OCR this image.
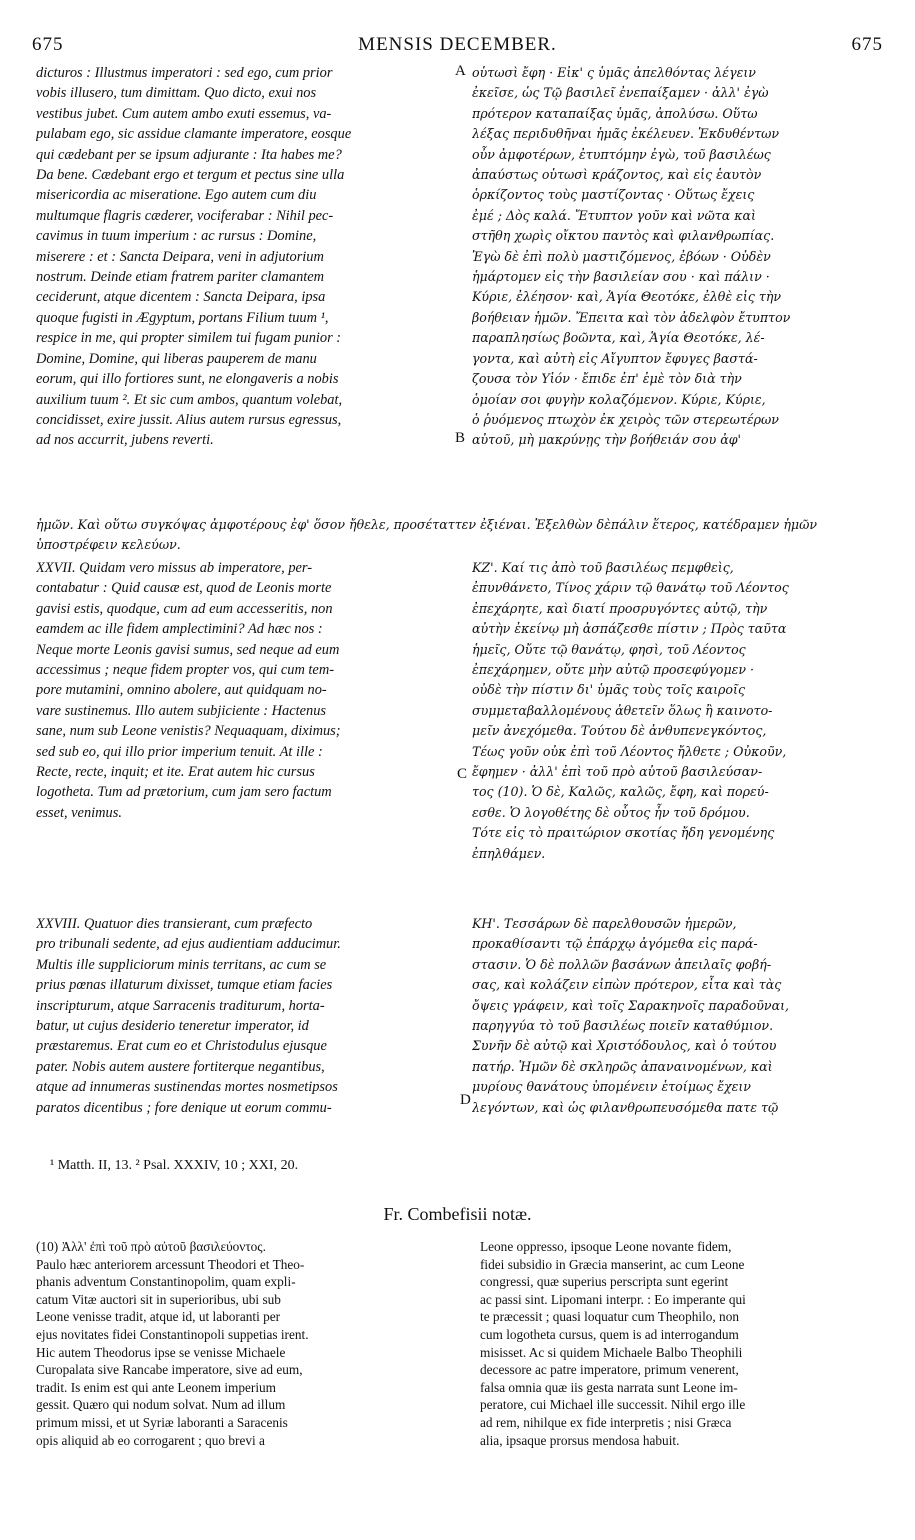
675	MENSIS DECEMBER.	675
A
B
C
D
dicturos : Illustmus imperatori : sed ego, cum prior
vobis illusero, tum dimittam. Quo dicto, exui nos
vestibus jubet. Cum autem ambo exuti essemus, va-
pulabam ego, sic assidue clamante imperatore, eosque
qui cædebant per se ipsum adjurante : Ita habes me?
Da bene. Cædebant ergo et tergum et pectus sine ulla
misericordia ac miseratione. Ego autem cum diu
multumque flagris cæderer, vociferabar : Nihil pec-
cavimus in tuum imperium : ac rursus : Domine,
miserere : et : Sancta Deipara, veni in adjutorium
nostrum. Deinde etiam fratrem pariter clamantem
ceciderunt, atque dicentem : Sancta Deipara, ipsa
quoque fugisti in Ægyptum, portans Filium tuum ¹,
respice in me, qui propter similem tui fugam punior :
Domine, Domine, qui liberas pauperem de manu
eorum, qui illo fortiores sunt, ne elongaveris a nobis
auxilium tuum ². Et sic cum ambos, quantum volebat,
concidisset, exire jussit. Alius autem rursus egressus,
ad nos accurrit, jubens reverti.
οὑτωσὶ ἔφη · Εἰκ' ς ὑμᾶς ἀπελθόντας λέγειν
ἐκεῖσε, ὡς Τῷ βασιλεῖ ἐνεπαίξαμεν · ἀλλ' ἐγὼ
πρότερον καταπαίξας ὑμᾶς, ἀπολύσω. Οὕτω
λέξας περιδυθῆναι ἡμᾶς ἐκέλευεν. Ἐκδυθέντων
οὖν ἀμφοτέρων, ἐτυπτόμην ἐγὼ, τοῦ βασιλέως
ἀπαύστως οὑτωσὶ κράζοντος, καὶ εἰς ἑαυτὸν
ὁρκίζοντος τοὺς μαστίζοντας · Οὕτως ἔχεις
ἐμέ ; Δὸς καλά. Ἔτυπτον γοῦν καὶ νῶτα καὶ
στῆθη χωρὶς οἴκτου παντὸς καὶ φιλανθρωπίας.
Ἐγὼ δὲ ἐπὶ πολὺ μαστιζόμενος, ἐβόων · Οὐδὲν
ἡμάρτομεν εἰς τὴν βασιλείαν σου · καὶ πάλιν ·
Κύριε, ἐλέησον· καὶ, Ἁγία Θεοτόκε, ἐλθὲ εἰς τὴν
βοήθειαν ἡμῶν. Ἔπειτα καὶ τὸν ἀδελφὸν ἔτυπτον
παραπλησίως βοῶντα, καὶ, Ἁγία Θεοτόκε, λέ-
γοντα, καὶ αὐτὴ εἰς Αἴγυπτον ἔφυγες βαστά-
ζουσα τὸν Υἱόν · ἔπιδε ἐπ' ἐμὲ τὸν διὰ τὴν
ὁμοίαν σοι φυγὴν κολαζόμενον. Κύριε, Κύριε,
ὁ ῥυόμενος πτωχὸν ἐκ χειρὸς τῶν στερεωτέρων
αὐτοῦ, μὴ μακρύνῃς τὴν βοήθειάν σου ἀφ'
ἡμῶν. Καὶ οὕτω συγκόψας ἀμφοτέρους ἐφ' ὅσον ἤθελε, προσέταττεν ἐξιέναι. Ἐξελθὼν δὲπάλιν ἕτερος, κατέδραμεν ἡμῶν ὑποστρέφειν κελεύων.
XXVII. Quidam vero missus ab imperatore, per-
contabatur : Quid causæ est, quod de Leonis morte
gavisi estis, quodque, cum ad eum accesseritis, non
eamdem ac ille fidem amplectimini? Ad hæc nos :
Neque morte Leonis gavisi sumus, sed neque ad eum
accessimus ; neque fidem propter vos, qui cum tem-
pore mutamini, omnino abolere, aut quidquam no-
vare sustinemus. Illo autem subjiciente : Hactenus
sane, num sub Leone venistis? Nequaquam, diximus;
sed sub eo, qui illo prior imperium tenuit. At ille :
Recte, recte, inquit; et ite. Erat autem hic cursus
logotheta. Tum ad prætorium, cum jam sero factum
esset, venimus.
ΚΖ'. Καί τις ἀπὸ τοῦ βασιλέως πεμφθεὶς,
ἐπυνθάνετο, Τίνος χάριν τῷ θανάτῳ τοῦ Λέοντος
ἐπεχάρητε, καὶ διατί προσρυγόντες αὐτῷ, τὴν
αὐτὴν ἐκείνῳ μὴ ἀσπάζεσθε πίστιν ; Πρὸς ταῦτα
ἡμεῖς, Οὔτε τῷ θανάτῳ, φησὶ, τοῦ Λέοντος
ἐπεχάρημεν, οὔτε μὴν αὐτῷ προσεφύγομεν ·
οὐδὲ τὴν πίστιν δι' ὑμᾶς τοὺς τοῖς καιροῖς
συμμεταβαλλομένους ἀθετεῖν ὅλως ἢ καινοτο-
μεῖν ἀνεχόμεθα. Τούτου δὲ ἀνθυπενεγκόντος,
Τέως γοῦν οὐκ ἐπὶ τοῦ Λέοντος ἤλθετε ; Οὐκοῦν,
ἔφημεν · ἀλλ' ἐπὶ τοῦ πρὸ αὐτοῦ βασιλεύσαν-
τος (10). Ὁ δὲ, Καλῶς, καλῶς, ἔφη, καὶ πορεύ-
εσθε. Ὁ λογοθέτης δὲ οὗτος ἦν τοῦ δρόμου.
Τότε εἰς τὸ πραιτώριον σκοτίας ἤδη γενομένης
ἐπηλθάμεν.
XXVIII. Quatuor dies transierant, cum præfecto
pro tribunali sedente, ad ejus audientiam adducimur.
Multis ille suppliciorum minis territans, ac cum se
prius pœnas illaturum dixisset, tumque etiam facies
inscripturum, atque Sarracenis traditurum, horta-
batur, ut cujus desiderio teneretur imperator, id
præstaremus. Erat cum eo et Christodulus ejusque
pater. Nobis autem austere fortiterque negantibus,
atque ad innumeras sustinendas mortes nosmetipsos
paratos dicentibus ; fore denique ut eorum commu-
ΚΗ'. Τεσσάρων δὲ παρελθουσῶν ἡμερῶν,
προκαθίσαντι τῷ ἐπάρχῳ ἀγόμεθα εἰς παρά-
στασιν. Ὁ δὲ πολλῶν βασάνων ἀπειλαῖς φοβή-
σας, καὶ κολάζειν εἰπὼν πρότερον, εἶτα καὶ τὰς
ὄψεις γράφειν, καὶ τοῖς Σαρακηνοῖς παραδοῦναι,
παρηγγύα τὸ τοῦ βασιλέως ποιεῖν καταθύμιον.
Συνῆν δὲ αὐτῷ καὶ Χριστόδουλος, καὶ ὁ τούτου
πατήρ. Ἡμῶν δὲ σκληρῶς ἀπαναινομένων, καὶ
μυρίους θανάτους ὑπομένειν ἑτοίμως ἔχειν
λεγόντων, καὶ ὡς φιλανθρωπευσόμεθα πατε τῷ
¹ Matth. II, 13. ² Psal. XXXIV, 10 ; XXI, 20.
Fr. Combefisii notæ.
(10) Ἀλλ' ἐπὶ τοῦ πρὸ αὐτοῦ βασιλεύοντος.
Paulo hæc anteriorem arcessunt Theodori et Theo-
phanis adventum Constantinopolim, quam expli-
catum Vitæ auctori sit in superioribus, ubi sub
Leone venisse tradit, atque id, ut laboranti per
ejus novitates fidei Constantinopoli suppetias irent.
Hic autem Theodorus ipse se venisse Michaele
Curopalata sive Rancabe imperatore, sive ad eum,
tradit. Is enim est qui ante Leonem imperium
gessit. Quæro qui nodum solvat. Num ad illum
primum missi, et ut Syriæ laboranti a Saracenis
opis aliquid ab eo corrogarent ; quo brevi a
Leone oppresso, ipsoque Leone novante fidem,
fidei subsidio in Græcia manserint, ac cum Leone
congressi, quæ superius perscripta sunt egerint
ac passi sint. Lipomani interpr. : Eo imperante qui
te præcessit ; quasi loquatur cum Theophilo, non
cum logotheta cursus, quem is ad interrogandum
misisset. Ac si quidem Michaele Balbo Theophili
decessore ac patre imperatore, primum venerent,
falsa omnia quæ iis gesta narrata sunt Leone im-
peratore, cui Michael ille successit. Nihil ergo ille
ad rem, nihilque ex fide interpretis ; nisi Græca
alia, ipsaque prorsus mendosa habuit.
